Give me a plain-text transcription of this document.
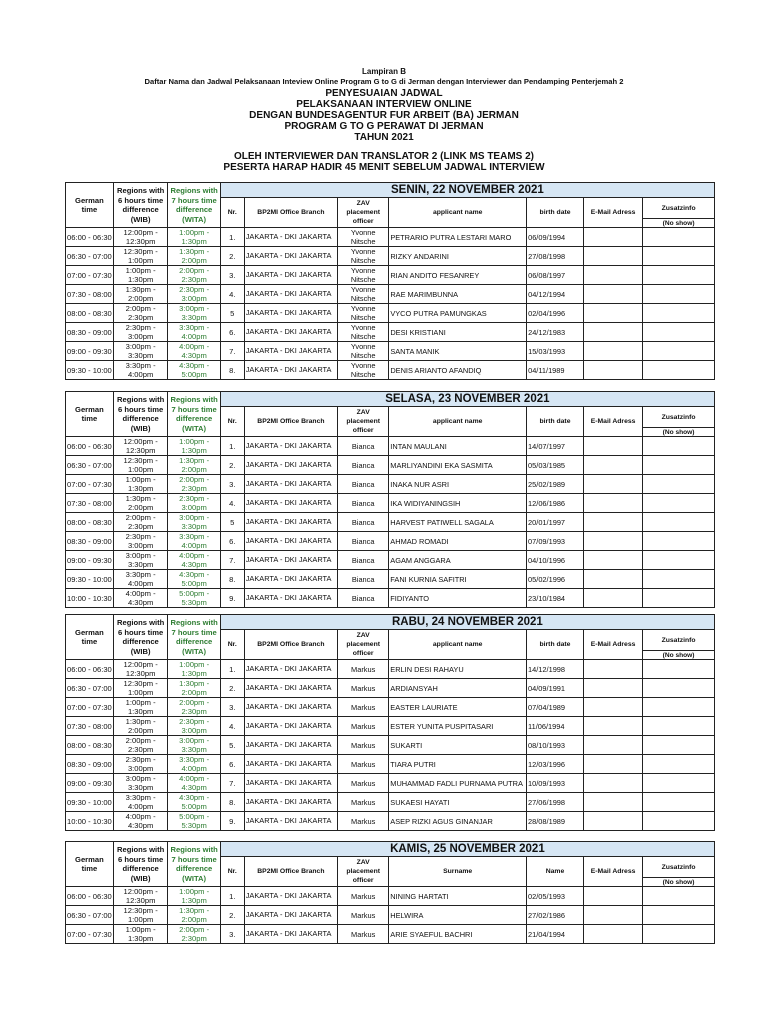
Lampiran B
Daftar Nama dan Jadwal Pelaksanaan Inteview Online Program G to G di Jerman dengan Interviewer dan Pendamping Penterjemah 2
PENYESUAIAN JADWAL
PELAKSANAAN INTERVIEW ONLINE
DENGAN BUNDESAGENTUR FUR ARBEIT (BA) JERMAN
PROGRAM G TO G PERAWAT DI JERMAN
TAHUN 2021
OLEH INTERVIEWER DAN TRANSLATOR 2 (LINK MS TEAMS 2)
PESERTA HARAP HADIR 45 MENIT SEBELUM JADWAL INTERVIEW
German time	Regions with 6 hours time difference (WIB)	Regions with 7 hours time difference (WITA)	SENIN, 22 NOVEMBER 2021						
			Nr.	BP2MI Office Branch	ZAV placement officer	applicant name	birth date	E-Mail Adress	Zusatzinfo
									(No show)
06:00 - 06:30	12:00pm - 12:30pm	1:00pm - 1:30pm	1.	JAKARTA - DKI JAKARTA	Yvonne Nitsche	PETRARIO PUTRA LESTARI MARO	06/09/1994		
06:30 - 07:00	12:30pm - 1:00pm	1:30pm - 2:00pm	2.	JAKARTA - DKI JAKARTA	Yvonne Nitsche	RIZKY ANDARINI	27/08/1998		
07:00 - 07:30	1:00pm - 1:30pm	2:00pm - 2:30pm	3.	JAKARTA - DKI JAKARTA	Yvonne Nitsche	RIAN ANDITO FESANREY	06/08/1997		
07:30 - 08:00	1:30pm - 2:00pm	2:30pm - 3:00pm	4.	JAKARTA - DKI JAKARTA	Yvonne Nitsche	RAE MARIMBUNNA	04/12/1994		
08:00 - 08:30	2:00pm - 2:30pm	3:00pm - 3:30pm	5	JAKARTA - DKI JAKARTA	Yvonne Nitsche	VYCO PUTRA PAMUNGKAS	02/04/1996		
08:30 - 09:00	2:30pm - 3:00pm	3:30pm - 4:00pm	6.	JAKARTA - DKI JAKARTA	Yvonne Nitsche	DESI KRISTIANI	24/12/1983		
09:00 - 09:30	3:00pm - 3:30pm	4:00pm - 4:30pm	7.	JAKARTA - DKI JAKARTA	Yvonne Nitsche	SANTA MANIK	15/03/1993		
09:30 - 10:00	3:30pm - 4:00pm	4:30pm - 5:00pm	8.	JAKARTA - DKI JAKARTA	Yvonne Nitsche	DENIS ARIANTO AFANDIQ	04/11/1989		
German time	Regions with 6 hours time difference (WIB)	Regions with 7 hours time difference (WITA)	SELASA, 23 NOVEMBER 2021						
			Nr.	BP2MI Office Branch	ZAV placement officer	applicant name	birth date	E-Mail Adress	Zusatzinfo
									(No show)
06:00 - 06:30	12:00pm - 12:30pm	1:00pm - 1:30pm	1.	JAKARTA - DKI JAKARTA	Bianca	INTAN MAULANI	14/07/1997		
06:30 - 07:00	12:30pm - 1:00pm	1:30pm - 2:00pm	2.	JAKARTA - DKI JAKARTA	Bianca	MARLIYANDINI EKA SASMITA	05/03/1985		
07:00 - 07:30	1:00pm - 1:30pm	2:00pm - 2:30pm	3.	JAKARTA - DKI JAKARTA	Bianca	INAKA NUR ASRI	25/02/1989		
07:30 - 08:00	1:30pm - 2:00pm	2:30pm - 3:00pm	4.	JAKARTA - DKI JAKARTA	Bianca	IKA WIDIYANINGSIH	12/06/1986		
08:00 - 08:30	2:00pm - 2:30pm	3:00pm - 3:30pm	5	JAKARTA - DKI JAKARTA	Bianca	HARVEST PATIWELL SAGALA	20/01/1997		
08:30 - 09:00	2:30pm - 3:00pm	3:30pm - 4:00pm	6.	JAKARTA - DKI JAKARTA	Bianca	AHMAD ROMADI	07/09/1993		
09:00 - 09:30	3:00pm - 3:30pm	4:00pm - 4:30pm	7.	JAKARTA - DKI JAKARTA	Bianca	AGAM ANGGARA	04/10/1996		
09:30 - 10:00	3:30pm - 4:00pm	4:30pm - 5:00pm	8.	JAKARTA - DKI JAKARTA	Bianca	FANI KURNIA SAFITRI	05/02/1996		
10:00 - 10:30	4:00pm - 4:30pm	5:00pm - 5:30pm	9.	JAKARTA - DKI JAKARTA	Bianca	FIDIYANTO	23/10/1984		
German time	Regions with 6 hours time difference (WIB)	Regions with 7 hours time difference (WITA)	RABU, 24 NOVEMBER 2021						
			Nr.	BP2MI Office Branch	ZAV placement officer	applicant name	birth date	E-Mail Adress	Zusatzinfo
									(No show)
06:00 - 06:30	12:00pm - 12:30pm	1:00pm - 1:30pm	1.	JAKARTA - DKI JAKARTA	Markus	ERLIN DESI RAHAYU	14/12/1998		
06:30 - 07:00	12:30pm - 1:00pm	1:30pm - 2:00pm	2.	JAKARTA - DKI JAKARTA	Markus	ARDIANSYAH	04/09/1991		
07:00 - 07:30	1:00pm - 1:30pm	2:00pm - 2:30pm	3.	JAKARTA - DKI JAKARTA	Markus	EASTER LAURIATE	07/04/1989		
07:30 - 08:00	1:30pm - 2:00pm	2:30pm - 3:00pm	4.	JAKARTA - DKI JAKARTA	Markus	ESTER YUNITA PUSPITASARI	11/06/1994		
08:00 - 08:30	2:00pm - 2:30pm	3:00pm - 3:30pm	5.	JAKARTA - DKI JAKARTA	Markus	SUKARTI	08/10/1993		
08:30 - 09:00	2:30pm - 3:00pm	3:30pm - 4:00pm	6.	JAKARTA - DKI JAKARTA	Markus	TIARA PUTRI	12/03/1996		
09:00 - 09:30	3:00pm - 3:30pm	4:00pm - 4:30pm	7.	JAKARTA - DKI JAKARTA	Markus	MUHAMMAD FADLI PURNAMA PUTRA	10/09/1993		
09:30 - 10:00	3:30pm - 4:00pm	4:30pm - 5:00pm	8.	JAKARTA - DKI JAKARTA	Markus	SUKAESI HAYATI	27/06/1998		
10:00 - 10:30	4:00pm - 4:30pm	5:00pm - 5:30pm	9.	JAKARTA - DKI JAKARTA	Markus	ASEP RIZKI AGUS GINANJAR	28/08/1989		
German time	Regions with 6 hours time difference (WIB)	Regions with 7 hours time difference (WITA)	KAMIS, 25 NOVEMBER 2021						
			Nr.	BP2MI Office Branch	ZAV placement officer	Surname	Name	E-Mail Adress	Zusatzinfo
									(No show)
06:00 - 06:30	12:00pm - 12:30pm	1:00pm - 1:30pm	1.	JAKARTA - DKI JAKARTA	Markus	NINING HARTATI	02/05/1993		
06:30 - 07:00	12:30pm - 1:00pm	1:30pm - 2:00pm	2.	JAKARTA - DKI JAKARTA	Markus	HELWIRA	27/02/1986		
07:00 - 07:30	1:00pm - 1:30pm	2:00pm - 2:30pm	3.	JAKARTA - DKI JAKARTA	Markus	ARIE SYAEFUL BACHRI	21/04/1994		
